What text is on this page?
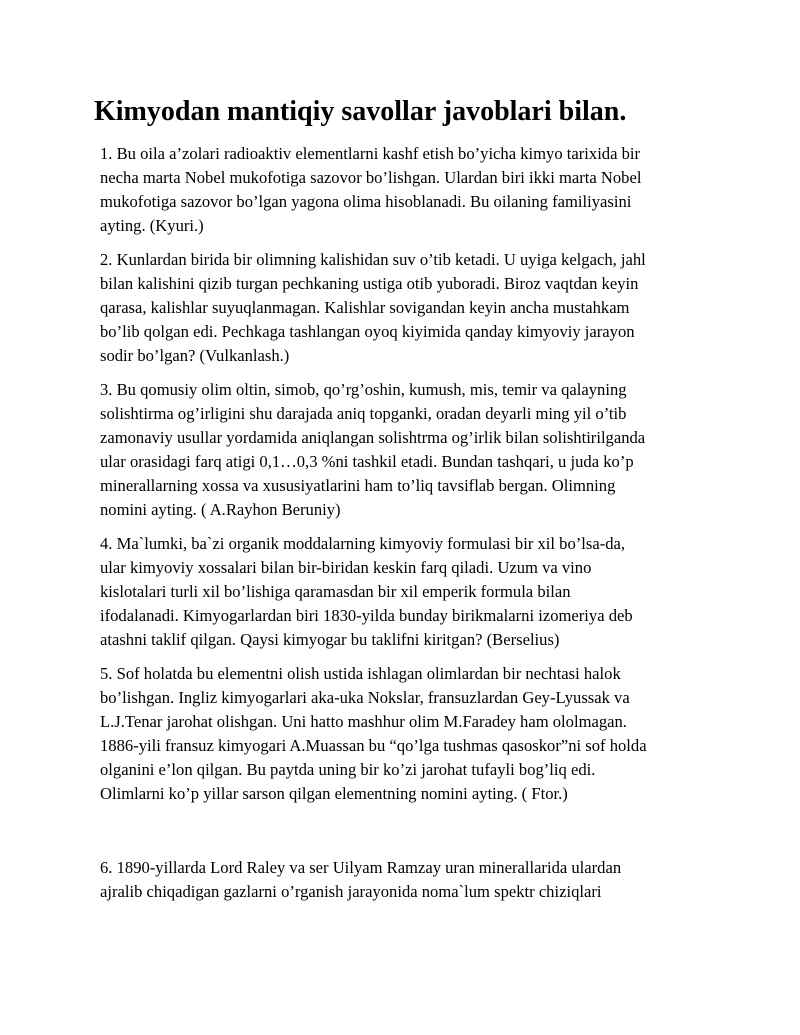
Kimyodan mantiqiy savollar javoblari bilan.
1. Bu oila a’zolari radioaktiv elementlarni kashf etish bo’yicha kimyo tarixida bir
necha marta Nobel mukofotiga sazovor bo’lishgan. Ulardan biri ikki marta Nobel
mukofotiga sazovor bo’lgan yagona olima hisoblanadi. Bu oilaning familiyasini
ayting. (Kyuri.)
2. Kunlardan birida bir olimning kalishidan suv o’tib ketadi. U uyiga kelgach, jahl
bilan kalishini qizib turgan pechkaning ustiga otib yuboradi. Biroz vaqtdan keyin
qarasa, kalishlar suyuqlanmagan. Kalishlar sovigandan keyin ancha mustahkam
bo’lib qolgan edi. Pechkaga tashlangan oyoq kiyimida qanday kimyoviy jarayon
sodir bo’lgan? (Vulkanlash.)
3. Bu qomusiy olim oltin, simob, qo’rg’oshin, kumush, mis, temir va qalayning
solishtirma og’irligini shu darajada aniq topganki, oradan deyarli ming yil o’tib
zamonaviy usullar yordamida aniqlangan solishtrma og’irlik bilan solishtirilganda
ular orasidagi farq atigi 0,1…0,3 %ni tashkil etadi. Bundan tashqari, u juda ko’p
minerallarning xossa va xususiyatlarini ham to’liq tavsiflab bergan. Olimning
nomini ayting. ( A.Rayhon Beruniy)
4. Ma`lumki, ba`zi organik moddalarning kimyoviy formulasi bir xil bo’lsa-da,
ular kimyoviy xossalari bilan bir-biridan keskin farq qiladi. Uzum va vino
kislotalari turli xil bo’lishiga qaramasdan bir xil emperik formula bilan
ifodalanadi. Kimyogarlardan biri 1830-yilda bunday birikmalarni izomeriya deb
atashni taklif qilgan. Qaysi kimyogar bu taklifni kiritgan? (Berselius)
5. Sof holatda bu elementni olish ustida ishlagan olimlardan bir nechtasi halok
bo’lishgan. Ingliz kimyogarlari aka-uka Nokslar, fransuzlardan Gey-Lyussak va
L.J.Tenar jarohat olishgan. Uni hatto mashhur olim M.Faradey ham ololmagan.
1886-yili fransuz kimyogari A.Muassan bu “qo’lga tushmas qasoskor”ni sof holda
olganini e’lon qilgan. Bu paytda uning bir ko’zi jarohat tufayli bog’liq edi.
Olimlarni ko’p yillar sarson qilgan elementning nomini ayting. ( Ftor.)
6. 1890-yillarda Lord Raley va ser Uilyam Ramzay uran minerallarida ulardan
ajralib chiqadigan gazlarni o’rganish jarayonida noma`lum spektr chiziqlari
